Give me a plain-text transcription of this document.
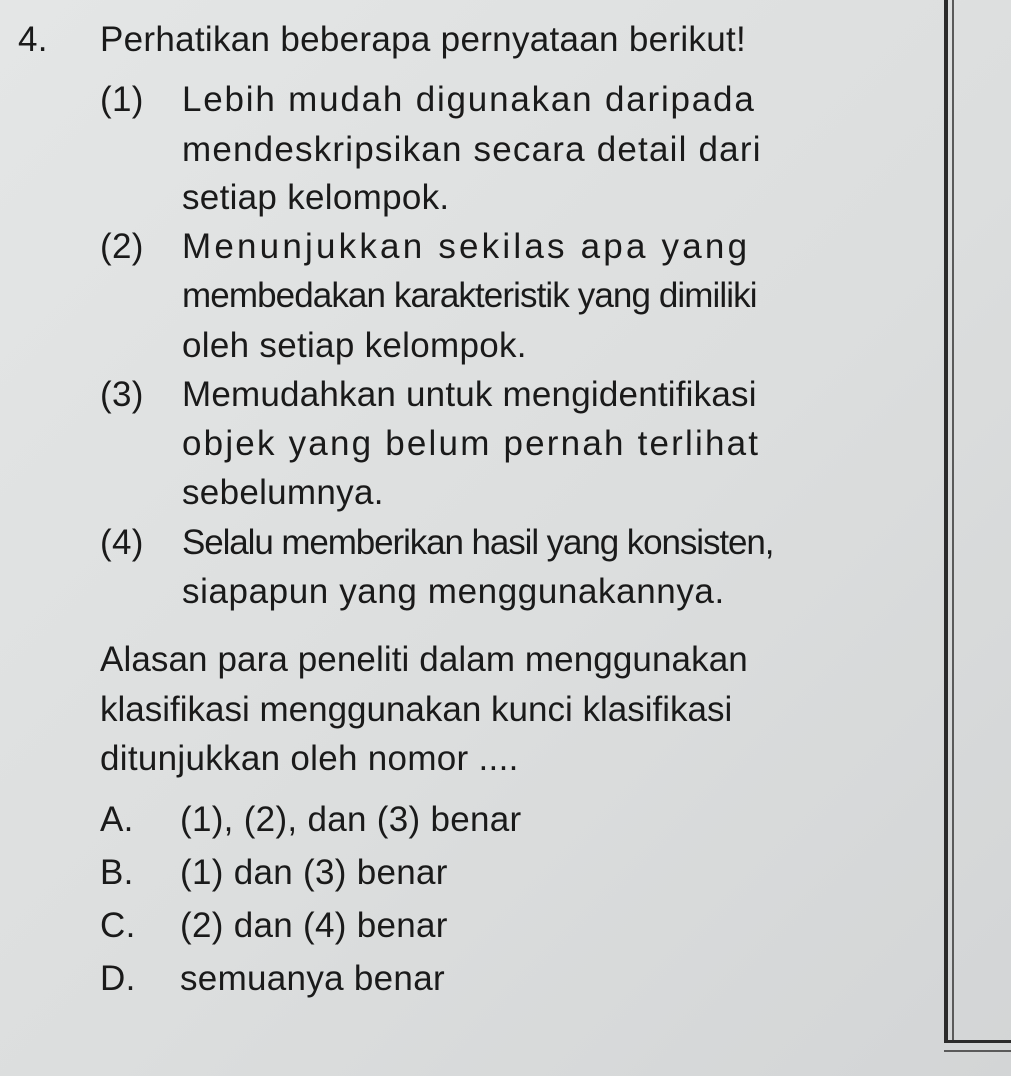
4. Perhatikan beberapa pernyataan berikut!
(1) Lebih mudah digunakan daripada
mendeskripsikan secara detail dari
setiap kelompok.
(2) Menunjukkan sekilas apa yang
membedakan karakteristik yang dimiliki
oleh setiap kelompok.
(3) Memudahkan untuk mengidentifikasi
objek yang belum pernah terlihat
sebelumnya.
(4) Selalu memberikan hasil yang konsisten,
siapapun yang menggunakannya.
Alasan para peneliti dalam menggunakan
klasifikasi menggunakan kunci klasifikasi
ditunjukkan oleh nomor ....
A. (1), (2), dan (3) benar
B. (1) dan (3) benar
C. (2) dan (4) benar
D. semuanya benar
